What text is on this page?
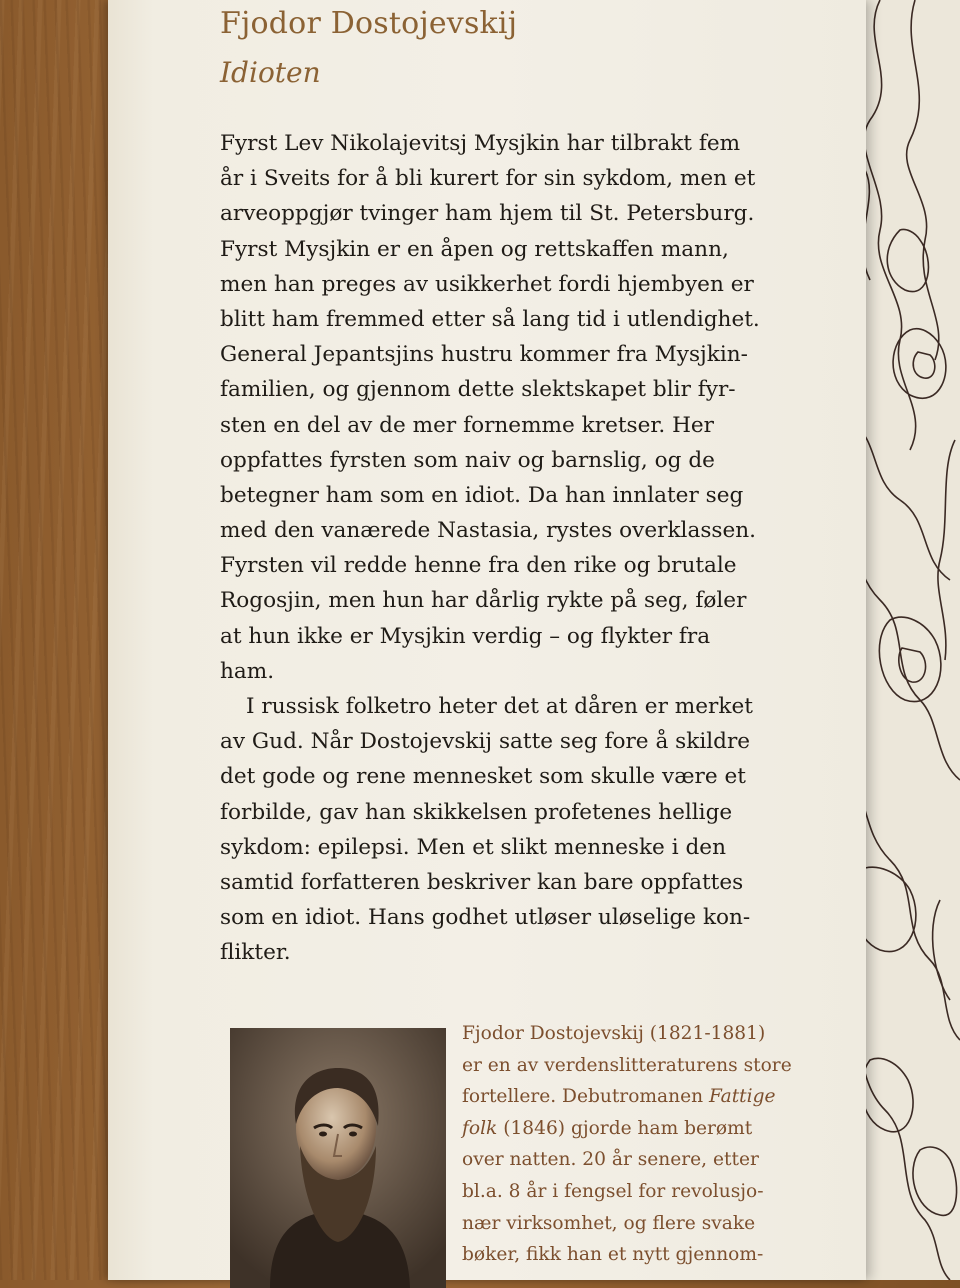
Fjodor Dostojevskij
Idioten
Fyrst Lev Nikolajevitsj Mysjkin har tilbrakt fem
år i Sveits for å bli kurert for sin sykdom, men et
arveoppgjør tvinger ham hjem til St. Petersburg.
Fyrst Mysjkin er en åpen og rettskaffen mann,
men han preges av usikkerhet fordi hjembyen er
blitt ham fremmed etter så lang tid i utlendighet.
General Jepantsjins hustru kommer fra Mysjkin-
familien, og gjennom dette slektskapet blir fyr-
sten en del av de mer fornemme kretser. Her
oppfattes fyrsten som naiv og barnslig, og de
betegner ham som en idiot. Da han innlater seg
med den vanærede Nastasia, rystes overklassen.
Fyrsten vil redde henne fra den rike og brutale
Rogosjin, men hun har dårlig rykte på seg, føler
at hun ikke er Mysjkin verdig – og flykter fra
ham.
I russisk folketro heter det at dåren er merket
av Gud. Når Dostojevskij satte seg fore å skildre
det gode og rene mennesket som skulle være et
forbilde, gav han skikkelsen profetenes hellige
sykdom: epilepsi. Men et slikt menneske i den
samtid forfatteren beskriver kan bare oppfattes
som en idiot. Hans godhet utløser uløselige kon-
flikter.
Fjodor Dostojevskij (1821-1881)
er en av verdenslitteraturens store
fortellere. Debutromanen Fattige
folk (1846) gjorde ham berømt
over natten. 20 år senere, etter
bl.a. 8 år i fengsel for revolusjo-
nær virksomhet, og flere svake
bøker, fikk han et nytt gjennom-
